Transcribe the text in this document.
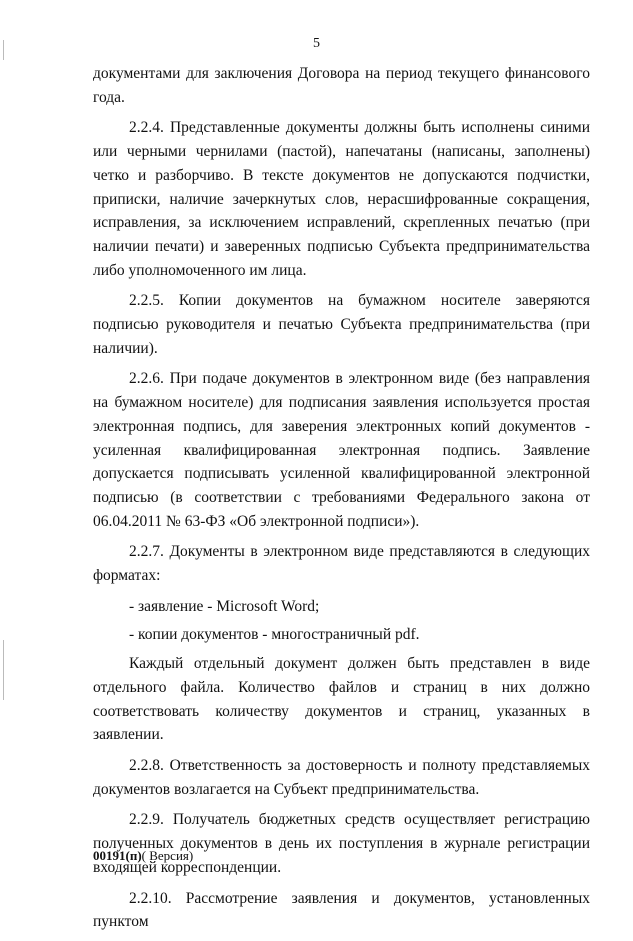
5

документами для заключения Договора на период текущего финансового года.

2.2.4. Представленные документы должны быть исполнены синими или черными чернилами (пастой), напечатаны (написаны, заполнены) четко и разборчиво. В тексте документов не допускаются подчистки, приписки, наличие зачеркнутых слов, нерасшифрованные сокращения, исправления, за исключением исправлений, скрепленных печатью (при наличии печати) и заверенных подписью Субъекта предпринимательства либо уполномоченного им лица.

2.2.5. Копии документов на бумажном носителе заверяются подписью руководителя и печатью Субъекта предпринимательства (при наличии).

2.2.6. При подаче документов в электронном виде (без направления на бумажном носителе) для подписания заявления используется простая электронная подпись, для заверения электронных копий документов - усиленная квалифицированная электронная подпись. Заявление допускается подписывать усиленной квалифицированной электронной подписью (в соответствии с требованиями Федерального закона от 06.04.2011 № 63-ФЗ «Об электронной подписи»).

2.2.7. Документы в электронном виде представляются в следующих форматах:

- заявление - Microsoft Word;

- копии документов - многостраничный pdf.

Каждый отдельный документ должен быть представлен в виде отдельного файла. Количество файлов и страниц в них должно соответствовать количеству документов и страниц, указанных в заявлении.

2.2.8. Ответственность за достоверность и полноту представляемых документов возлагается на Субъект предпринимательства.

2.2.9. Получатель бюджетных средств осуществляет регистрацию полученных документов в день их поступления в журнале регистрации входящей корреспонденции.

2.2.10. Рассмотрение заявления и документов, установленных пунктом

00191(п)( Версия)
